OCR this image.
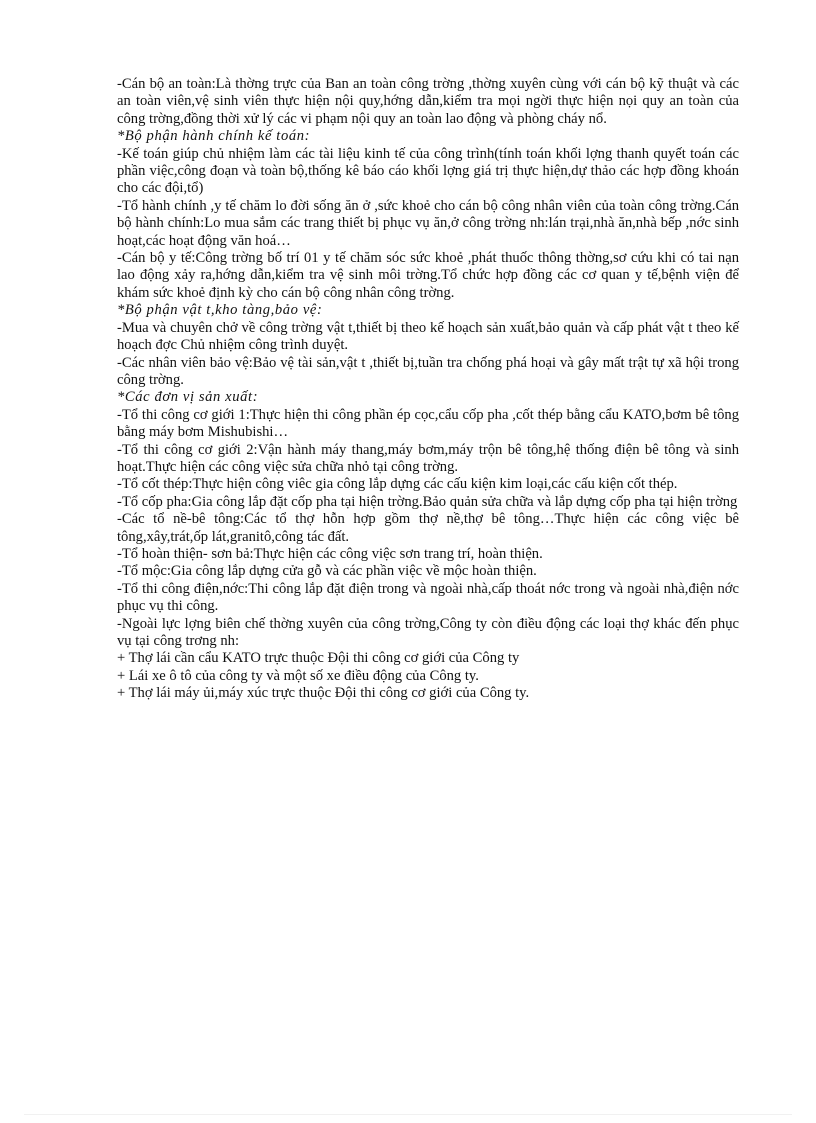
-Cán bộ an toàn:Là thờng trực của Ban an toàn công trờng ,thờng xuyên cùng với cán bộ kỹ thuật và các an toàn viên,vệ sinh viên thực hiện nội quy,hớng dẫn,kiểm tra mọi ngời thực hiện nọi quy an toàn của công trờng,đồng thời xử lý các vi phạm nội quy an toàn lao động và phòng cháy nổ.

*Bộ phận hành chính kế toán:

-Kế toán giúp chủ nhiệm làm các tài liệu kinh tế của công trình(tính toán khối lợng thanh quyết toán các phần việc,công đoạn và toàn bộ,thống kê báo cáo khối lợng giá trị thực hiện,dự thảo các hợp đồng khoán cho các đội,tổ)

-Tổ hành chính ,y tế chăm lo đời sống ăn ở ,sức khoẻ cho cán bộ công nhân viên của toàn công trờng.Cán bộ hành chính:Lo mua sắm các trang thiết bị phục vụ ăn,ở công trờng nh:lán trại,nhà ăn,nhà bếp ,nớc sinh hoạt,các hoạt động văn hoá…

-Cán bộ y tế:Công trờng bố trí 01 y tế chăm sóc sức khoẻ ,phát thuốc thông thờng,sơ cứu khi có tai nạn lao động xảy ra,hớng dẫn,kiểm tra vệ sinh môi trờng.Tổ chức hợp đồng các cơ quan y tế,bệnh viện để khám sức khoẻ định kỳ cho cán bộ công nhân công trờng.

*Bộ phận vật t,kho tàng,bảo vệ:

-Mua và chuyên chở về công trờng vật t,thiết bị theo kế hoạch sản xuất,bảo quản và cấp phát vật t theo kế hoạch đợc Chủ nhiệm công trình duyệt.

-Các nhân viên bảo vệ:Bảo vệ tài sản,vật t ,thiết bị,tuần tra chống phá hoại và gây mất trật tự xã hội trong công trờng.

*Các đơn vị sản xuất:

-Tổ thi công cơ giới 1:Thực hiện thi công phần ép cọc,cẩu cốp pha ,cốt thép bằng cẩu KATO,bơm bê tông bằng máy bơm Mishubishi…

-Tổ thi công cơ giới 2:Vận hành máy thang,máy bơm,máy trộn bê tông,hệ thống điện bê tông và sinh hoạt.Thực hiện các công việc sửa chữa nhỏ tại công trờng.

-Tổ cốt thép:Thực hiện công viêc gia công lắp dựng các cấu kiện kim loại,các cấu kiện cốt thép.

-Tổ cốp pha:Gia công lắp đặt cốp pha tại hiện trờng.Bảo quản sửa chữa và lắp dựng cốp pha tại hiện trờng

-Các tổ nề-bê tông:Các tổ thợ hỗn hợp gồm thợ nề,thợ bê tông…Thực hiện các công việc bê tông,xây,trát,ốp lát,granitô,công tác đất.

-Tổ hoàn thiện- sơn bả:Thực hiện các công việc sơn trang trí, hoàn thiện.

-Tổ mộc:Gia công lắp dựng cửa gỗ và các phần việc về mộc hoàn thiện.

-Tổ thi công điện,nớc:Thi công lắp đặt điện trong và ngoài nhà,cấp thoát nớc trong và ngoài nhà,điện nớc phục vụ thi công.

-Ngoài lực lợng biên chế thờng xuyên của công trờng,Công ty còn điều động các loại thợ khác đến phục vụ tại công trơng nh:

+ Thợ lái cần cẩu KATO trực thuộc Đội thi công cơ giới của Công ty

+ Lái xe ô tô của công ty và một số xe điều động của Công ty.

+ Thợ lái máy ủi,máy xúc trực thuộc Đội thi công cơ giới của Công ty.
